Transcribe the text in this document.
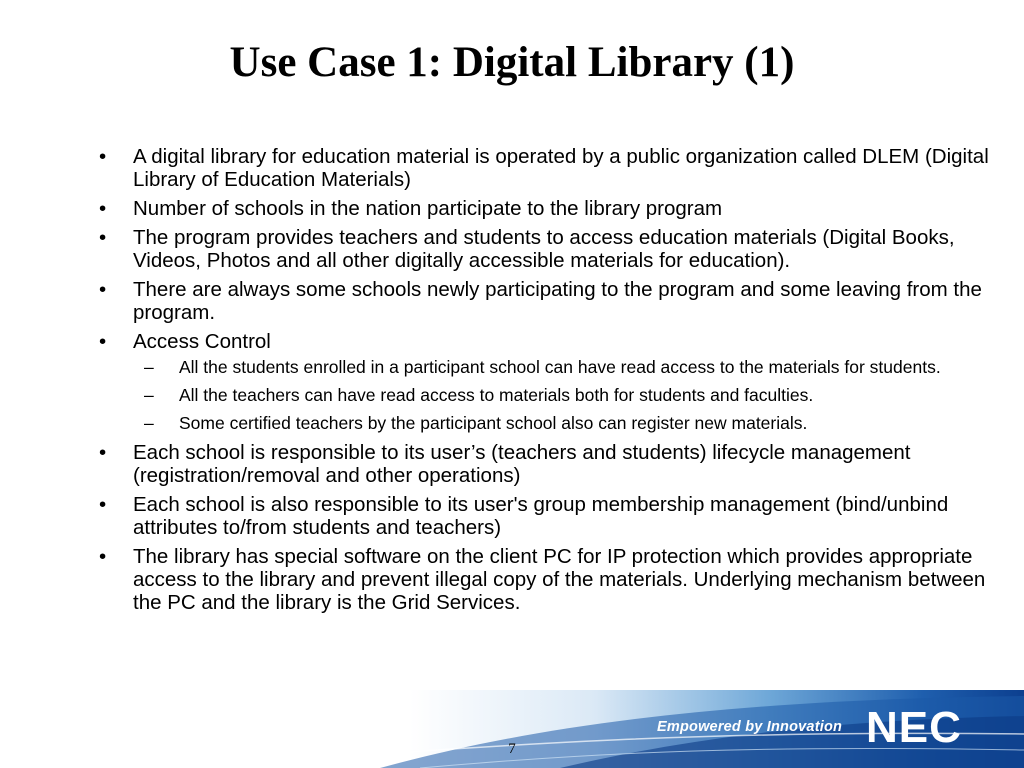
Use Case 1: Digital Library (1)
• A digital library for education material is operated by a public organization called DLEM (Digital Library of Education Materials)
• Number of schools in the nation participate to the library program
• The program provides teachers and students to access education materials (Digital Books, Videos, Photos and all other digitally accessible materials for education).
• There are always some schools newly participating to the program and some leaving from the program.
• Access Control
– All the students enrolled in a participant school can have read access to the materials for students.
– All the teachers can have read access to materials both for students and faculties.
– Some certified teachers by the participant school also can register new materials.
• Each school is responsible to its user’s (teachers and students) lifecycle management (registration/removal and other operations)
• Each school is also responsible to its user's group membership management (bind/unbind attributes to/from students and teachers)
• The library has special software on the client PC for IP protection which provides appropriate access to the library and prevent illegal copy of the materials. Underlying mechanism between the PC and the library is the Grid Services.
Empowered by Innovation NEC
7
